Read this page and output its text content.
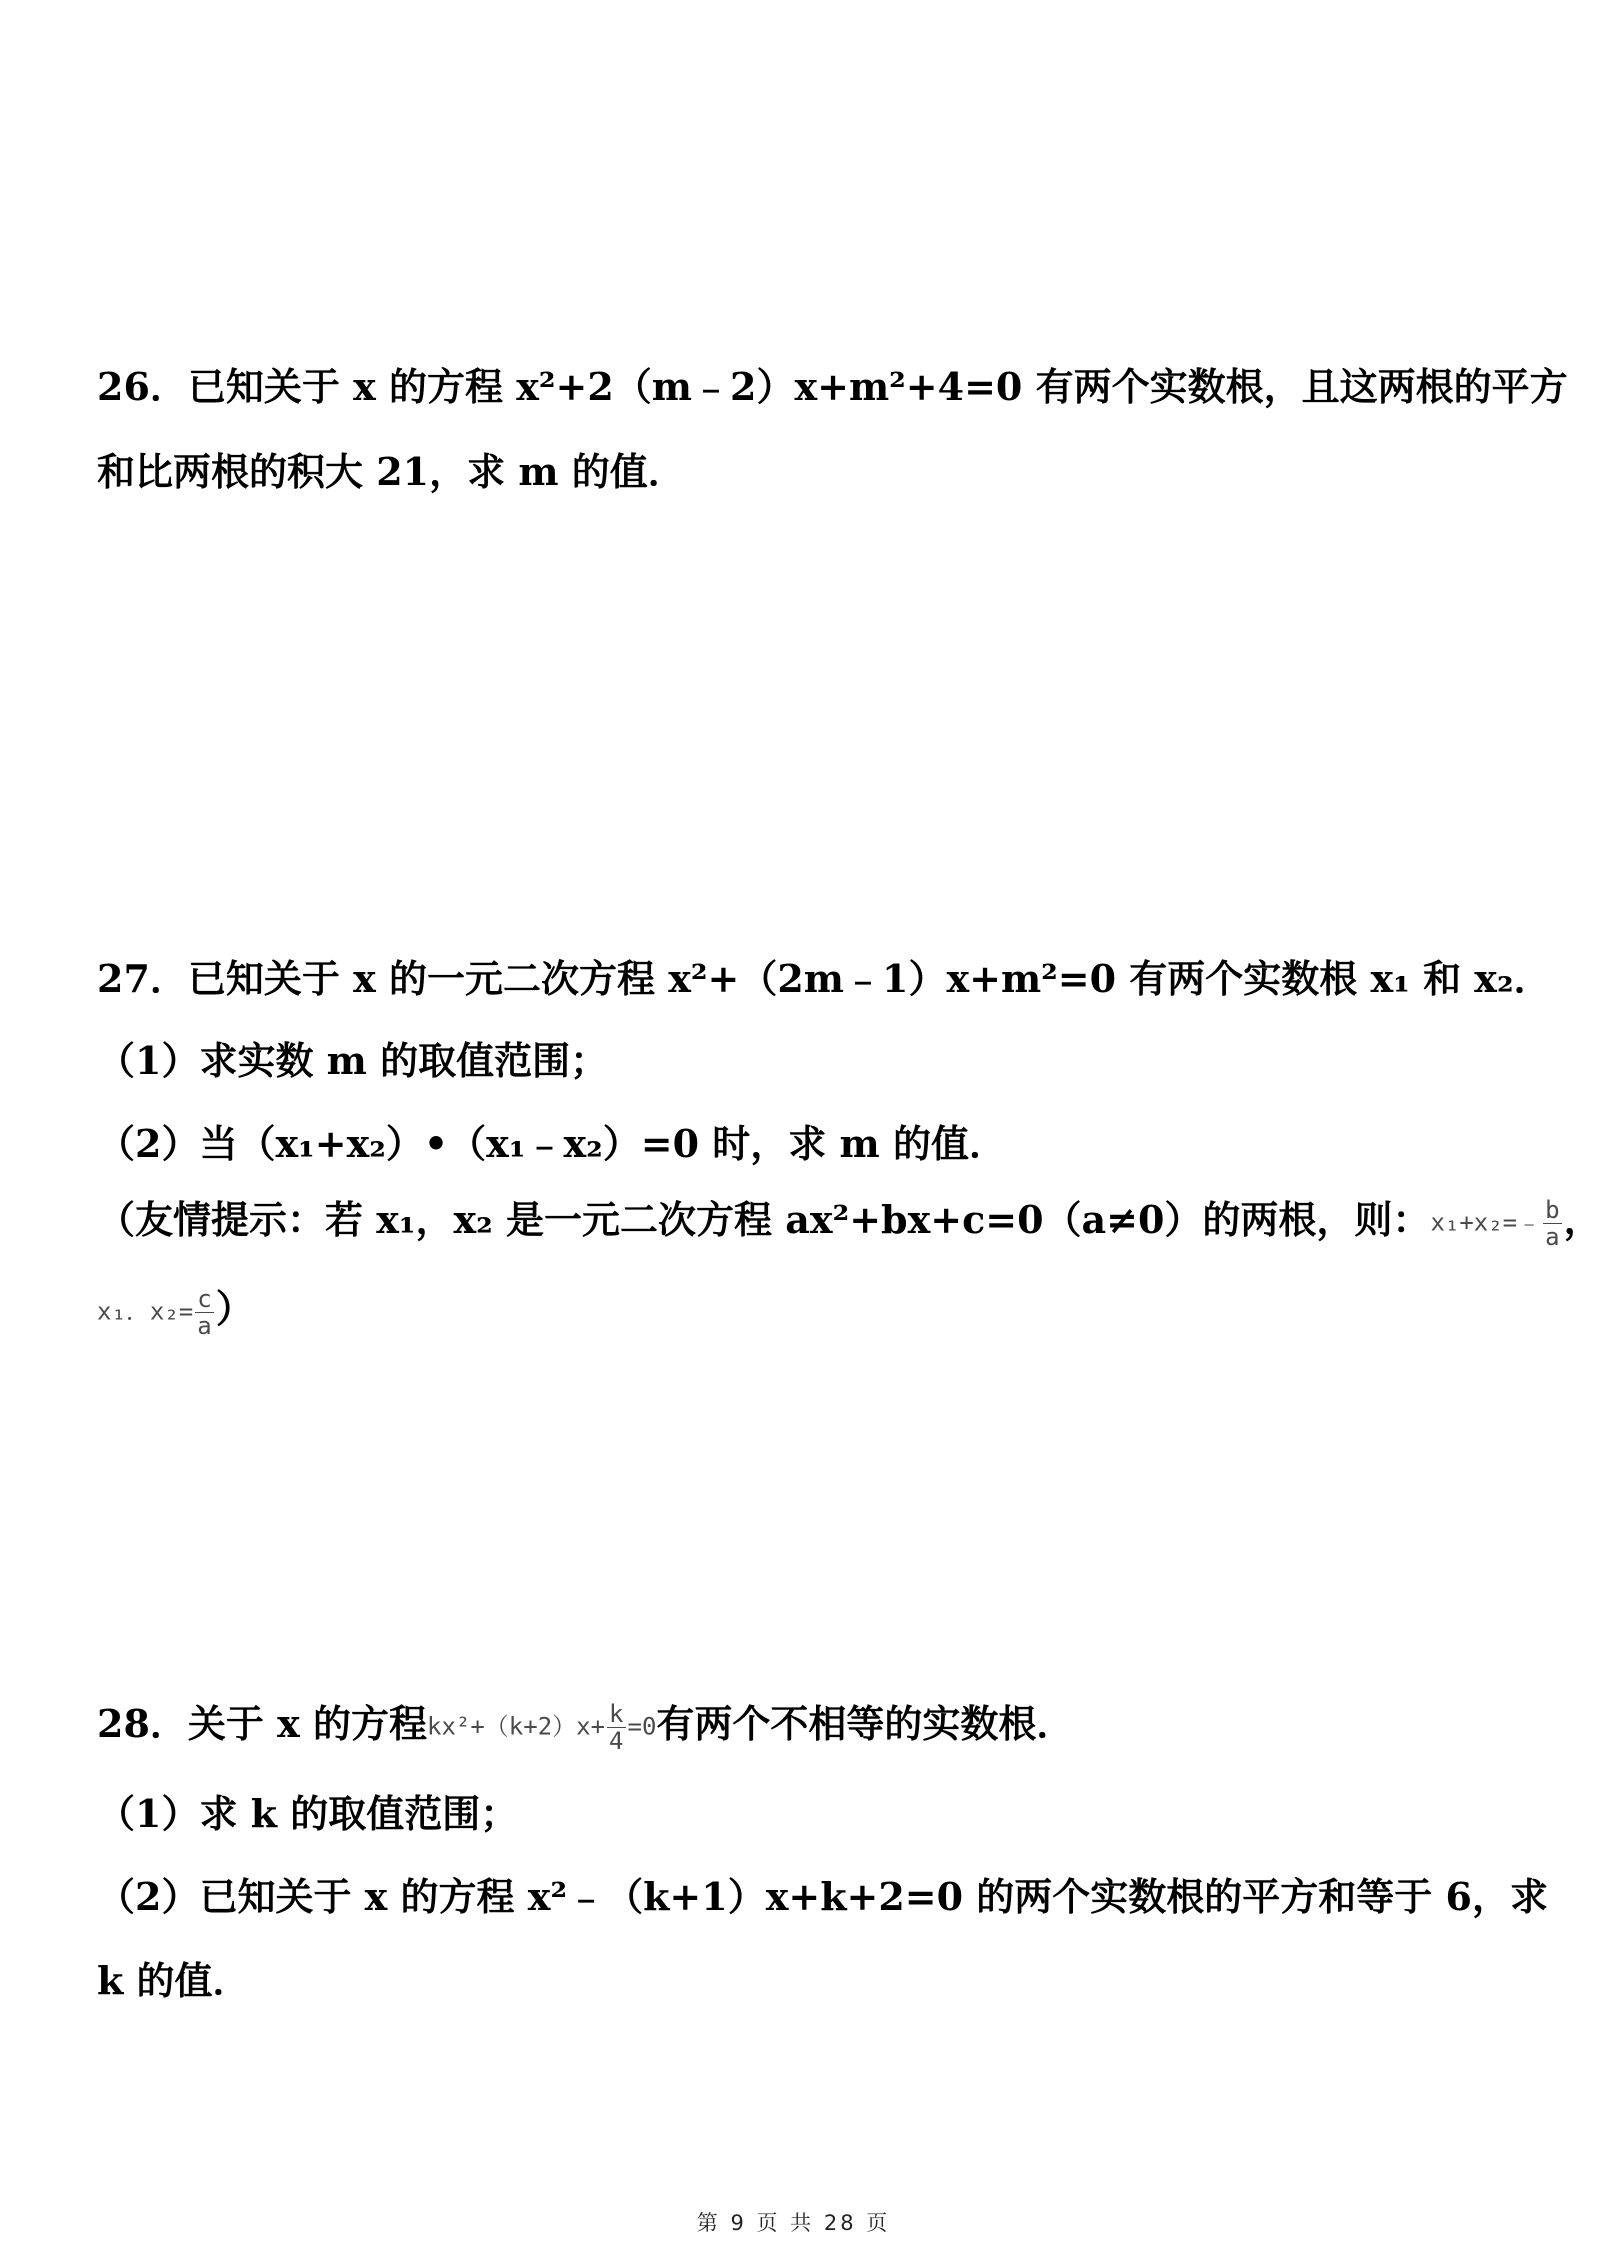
26．已知关于 x 的方程 x²+2（m﹣2）x+m²+4=0 有两个实数根，且这两根的平方
和比两根的积大 21，求 m 的值．
27．已知关于 x 的一元二次方程 x²+（2m﹣1）x+m²=0 有两个实数根 x₁ 和 x₂．
（1）求实数 m 的取值范围；
（2）当（x₁+x₂）•（x₁﹣x₂）=0 时，求 m 的值．
（友情提示：若 x₁，x₂ 是一元二次方程 ax²+bx+c=0（a≠0）的两根，则：x₁+x₂=﹣ $\frac{b}{a}$ ，
x₁．$x_2= \frac{c}{a}$ ）
28．关于 x 的方程$kx^2+(k+2)x+ \frac{k}{4} =0$有两个不相等的实数根．
（1）求 k 的取值范围；
（2）已知关于 x 的方程 x²﹣（k+1）x+k+2=0 的两个实数根的平方和等于 6，求
k 的值．
第 9 页 共 28 页
